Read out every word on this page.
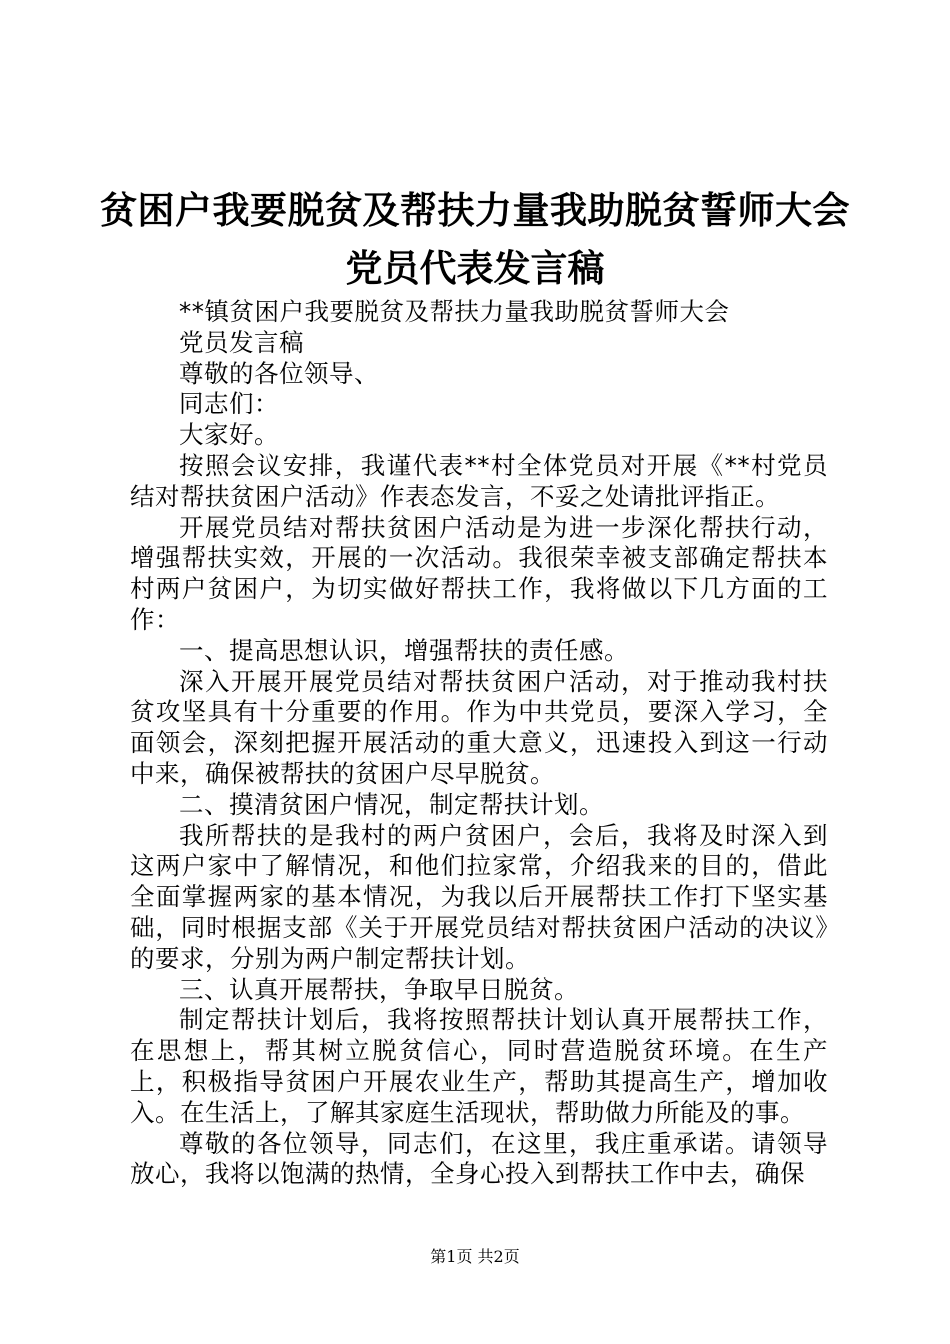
贫困户我要脱贫及帮扶力量我助脱贫誓师大会
党员代表发言稿

**镇贫困户我要脱贫及帮扶力量我助脱贫誓师大会

党员发言稿

尊敬的各位领导、

同志们：

大家好。

按照会议安排，我谨代表**村全体党员对开展《**村党员结对帮扶贫困户活动》作表态发言，不妥之处请批评指正。

开展党员结对帮扶贫困户活动是为进一步深化帮扶行动，增强帮扶实效，开展的一次活动。我很荣幸被支部确定帮扶本村两户贫困户，为切实做好帮扶工作，我将做以下几方面的工作：

一、提高思想认识，增强帮扶的责任感。

深入开展开展党员结对帮扶贫困户活动，对于推动我村扶贫攻坚具有十分重要的作用。作为中共党员，要深入学习，全面领会，深刻把握开展活动的重大意义，迅速投入到这一行动中来，确保被帮扶的贫困户尽早脱贫。

二、摸清贫困户情况，制定帮扶计划。

我所帮扶的是我村的两户贫困户，会后，我将及时深入到这两户家中了解情况，和他们拉家常，介绍我来的目的，借此全面掌握两家的基本情况，为我以后开展帮扶工作打下坚实基础，同时根据支部《关于开展党员结对帮扶贫困户活动的决议》的要求，分别为两户制定帮扶计划。

三、认真开展帮扶，争取早日脱贫。

制定帮扶计划后，我将按照帮扶计划认真开展帮扶工作，在思想上，帮其树立脱贫信心，同时营造脱贫环境。在生产上，积极指导贫困户开展农业生产，帮助其提高生产，增加收入。在生活上，了解其家庭生活现状，帮助做力所能及的事。

尊敬的各位领导，同志们，在这里，我庄重承诺。请领导放心，我将以饱满的热情，全身心投入到帮扶工作中去，确保

第1页 共2页
